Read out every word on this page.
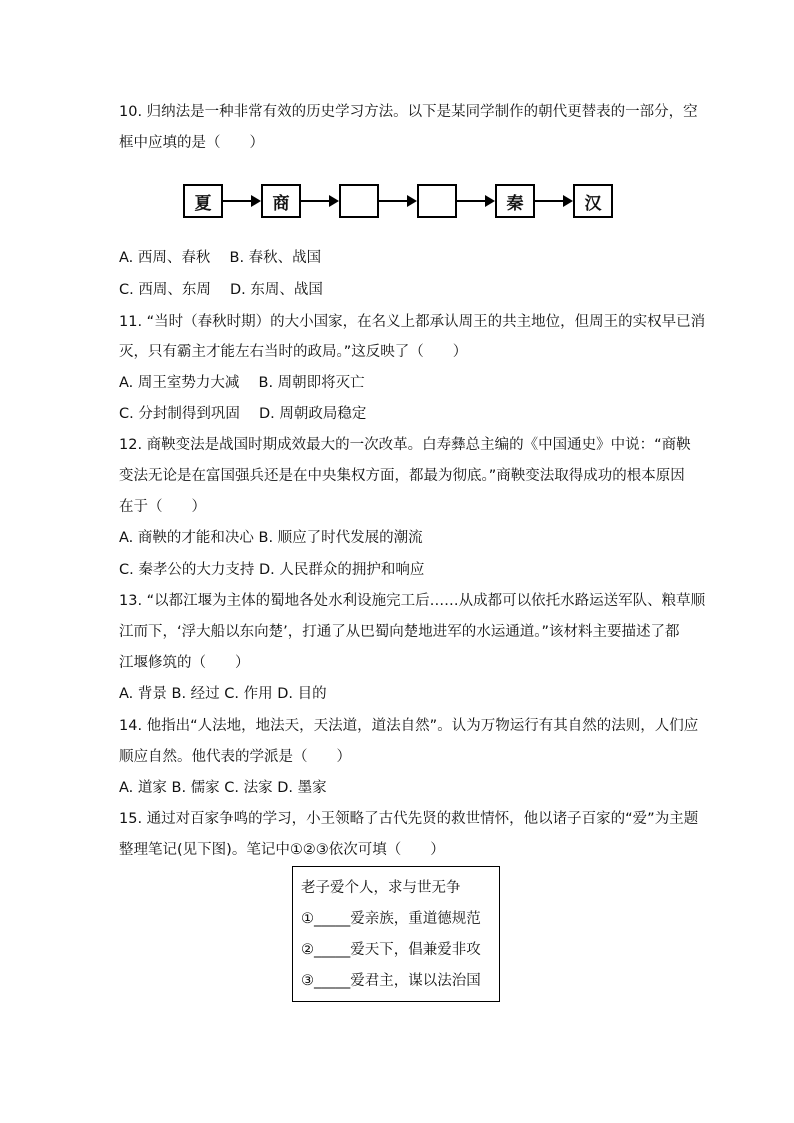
10. 归纳法是一种非常有效的历史学习方法。以下是某同学制作的朝代更替表的一部分，空
框中应填的是（　　）
夏	商	秦	汉
A. 西周、春秋　 B. 春秋、战国
C. 西周、东周　 D. 东周、战国
11. “当时（春秋时期）的大小国家，在名义上都承认周王的共主地位，但周王的实权早已消
灭，只有霸主才能左右当时的政局。”这反映了（　　）
A. 周王室势力大减　 B. 周朝即将灭亡
C. 分封制得到巩固　 D. 周朝政局稳定
12. 商鞅变法是战国时期成效最大的一次改革。白寿彝总主编的《中国通史》中说：“商鞅
变法无论是在富国强兵还是在中央集权方面，都最为彻底。”商鞅变法取得成功的根本原因
在于（　　）
A. 商鞅的才能和决心 B. 顺应了时代发展的潮流
C. 秦孝公的大力支持 D. 人民群众的拥护和响应
13. “以都江堰为主体的蜀地各处水利设施完工后……从成都可以依托水路运送军队、粮草顺
江而下，‘浮大船以东向楚’，打通了从巴蜀向楚地进军的水运通道。”该材料主要描述了都
江堰修筑的（　　）
A. 背景 B. 经过 C. 作用 D. 目的
14. 他指出“人法地，地法天，天法道，道法自然”。认为万物运行有其自然的法则，人们应
顺应自然。他代表的学派是（　　）
A. 道家 B. 儒家 C. 法家 D. 墨家
15. 通过对百家争鸣的学习，小王领略了古代先贤的救世情怀，他以诸子百家的“爱”为主题
整理笔记(见下图)。笔记中①②③依次可填（　　）
老子爱个人，求与世无争
①_____爱亲族，重道德规范
②_____爱天下，倡兼爱非攻
③_____爱君主，谋以法治国
